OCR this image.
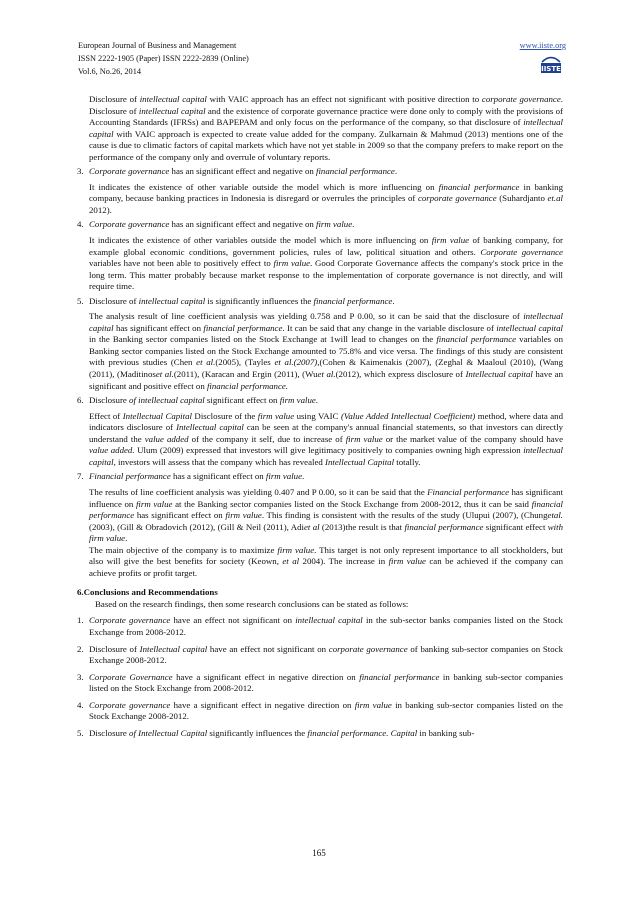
European Journal of Business and Management	www.iiste.org
ISSN 2222-1905 (Paper) ISSN 2222-2839 (Online)
Vol.6, No.26, 2014	IISTE

Disclosure of intellectual capital with VAIC approach has an effect not significant with positive direction to corporate governance. Disclosure of intellectual capital and the existence of corporate governance practice were done only to comply with the provisions of Accounting Standards (IFRSs) and BAPEPAM and only focus on the performance of the company, so that disclosure of intellectual capital with VAIC approach is expected to create value added for the company. Zulkarnain & Mahmud (2013) mentions one of the cause is due to climatic factors of capital markets which have not yet stable in 2009 so that the company prefers to make report on the performance of the company only and overrule of voluntary reports.

3. Corporate governance has an significant effect and negative on financial performance.

It indicates the existence of other variable outside the model which is more influencing on financial performance in banking company, because banking practices in Indonesia is disregard or overrules the principles of corporate governance (Suhardjanto et.al 2012).

4. Corporate governance has an significant effect and negative on firm value.

It indicates the existence of other variables outside the model which is more influencing on firm value of banking company, for example global economic conditions, government policies, rules of law, political situation and others. Corporate governance variables have not been able to positively effect to firm value. Good Corporate Governance affects the company's stock price in the long term. This matter probably because market response to the implementation of corporate governance is not directly, and will require time.

5. Disclosure of intellectual capital is significantly influences the financial performance.

The analysis result of line coefficient analysis was yielding 0.758 and P 0.00, so it can be said that the disclosure of intellectual capital has significant effect on financial performance. It can be said that any change in the variable disclosure of intellectual capital in the Banking sector companies listed on the Stock Exchange at 1will lead to changes on the financial performance variables on Banking sector companies listed on the Stock Exchange amounted to 75.8% and vice versa. The findings of this study are consistent with previous studies (Chen et al.(2005), (Tayles et al.(2007),(Cohen & Kaimenakis (2007), (Zeghal & Maaloul (2010), (Wang (2011), (Maditinoset al.(2011), (Karacan and Ergin (2011), (Wuet al.(2012), which express disclosure of Intellectual capital have an significant and positive effect on financial performance.

6. Disclosure of intellectual capital significant effect on firm value.

Effect of Intellectual Capital Disclosure of the firm value using VAIC (Value Added Intellectual Coefficient) method, where data and indicators disclosure of Intellectual capital can be seen at the company's annual financial statements, so that investors can directly understand the value added of the company it self, due to increase of firm value or the market value of the company should have value added. Ulum (2009) expressed that investors will give legitimacy positively to companies owning high expression intellectual capital, investors will assess that the company which has revealed Intellectual Capital totally.

7. Financial performance has a significant effect on firm value.

The results of line coefficient analysis was yielding 0.407 and P 0.00, so it can be said that the Financial performance has significant influence on firm value at the Banking sector companies listed on the Stock Exchange from 2008-2012, thus it can be said financial performance has significant effect on firm value. This finding is consistent with the results of the study (Ulupui (2007), (Chungetal.(2003), (Gill & Obradovich (2012), (Gill & Neil (2011), Adiet al (2013)the result is that financial performance significant effect with firm value.

The main objective of the company is to maximize firm value. This target is not only represent importance to all stockholders, but also will give the best benefits for society (Keown, et al 2004). The increase in firm value can be achieved if the company can achieve profits or profit target.

6.Conclusions and Recommendations

Based on the research findings, then some research conclusions can be stated as follows:

1. Corporate governance have an effect not significant on intellectual capital in the sub-sector banks companies listed on the Stock Exchange from 2008-2012.
2. Disclosure of Intellectual capital have an effect not significant on corporate governance of banking sub-sector companies on Stock Exchange 2008-2012.
3. Corporate Governance have a significant effect in negative direction on financial performance in banking sub-sector companies listed on the Stock Exchange from 2008-2012.
4. Corporate governance have a significant effect in negative direction on firm value in banking sub-sector companies listed on the Stock Exchange 2008-2012.
5. Disclosure of Intellectual Capital significantly influences the financial performance. Capital in banking sub-
165
